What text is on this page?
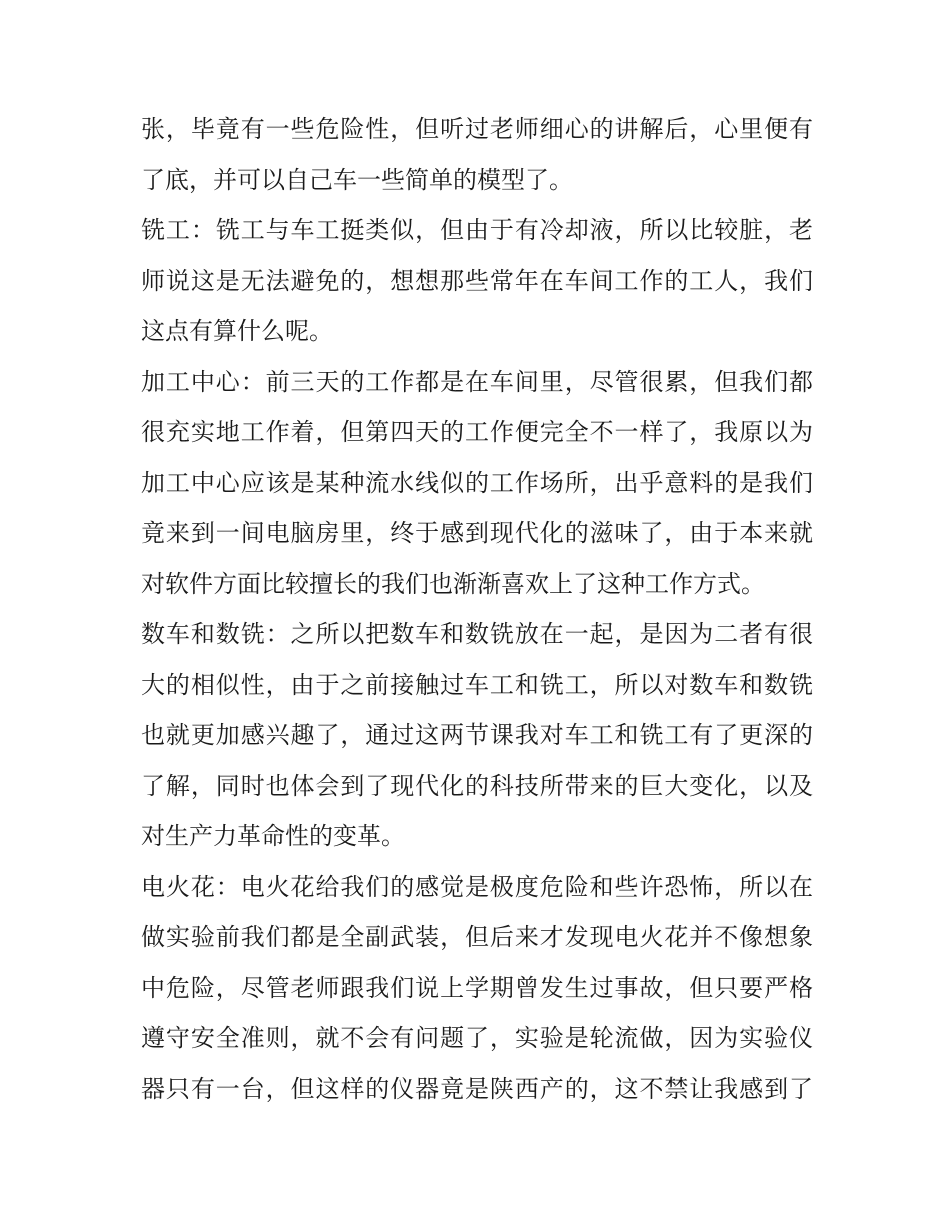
张，毕竟有一些危险性，但听过老师细心的讲解后，心里便有
了底，并可以自己车一些简单的模型了。
铣工：铣工与车工挺类似，但由于有冷却液，所以比较脏，老
师说这是无法避免的，想想那些常年在车间工作的工人，我们
这点有算什么呢。
加工中心：前三天的工作都是在车间里，尽管很累，但我们都
很充实地工作着，但第四天的工作便完全不一样了，我原以为
加工中心应该是某种流水线似的工作场所，出乎意料的是我们
竟来到一间电脑房里，终于感到现代化的滋味了，由于本来就
对软件方面比较擅长的我们也渐渐喜欢上了这种工作方式。
数车和数铣：之所以把数车和数铣放在一起，是因为二者有很
大的相似性，由于之前接触过车工和铣工，所以对数车和数铣
也就更加感兴趣了，通过这两节课我对车工和铣工有了更深的
了解，同时也体会到了现代化的科技所带来的巨大变化，以及
对生产力革命性的变革。
电火花：电火花给我们的感觉是极度危险和些许恐怖，所以在
做实验前我们都是全副武装，但后来才发现电火花并不像想象
中危险，尽管老师跟我们说上学期曾发生过事故，但只要严格
遵守安全准则，就不会有问题了，实验是轮流做，因为实验仪
器只有一台，但这样的仪器竟是陕西产的，这不禁让我感到了
